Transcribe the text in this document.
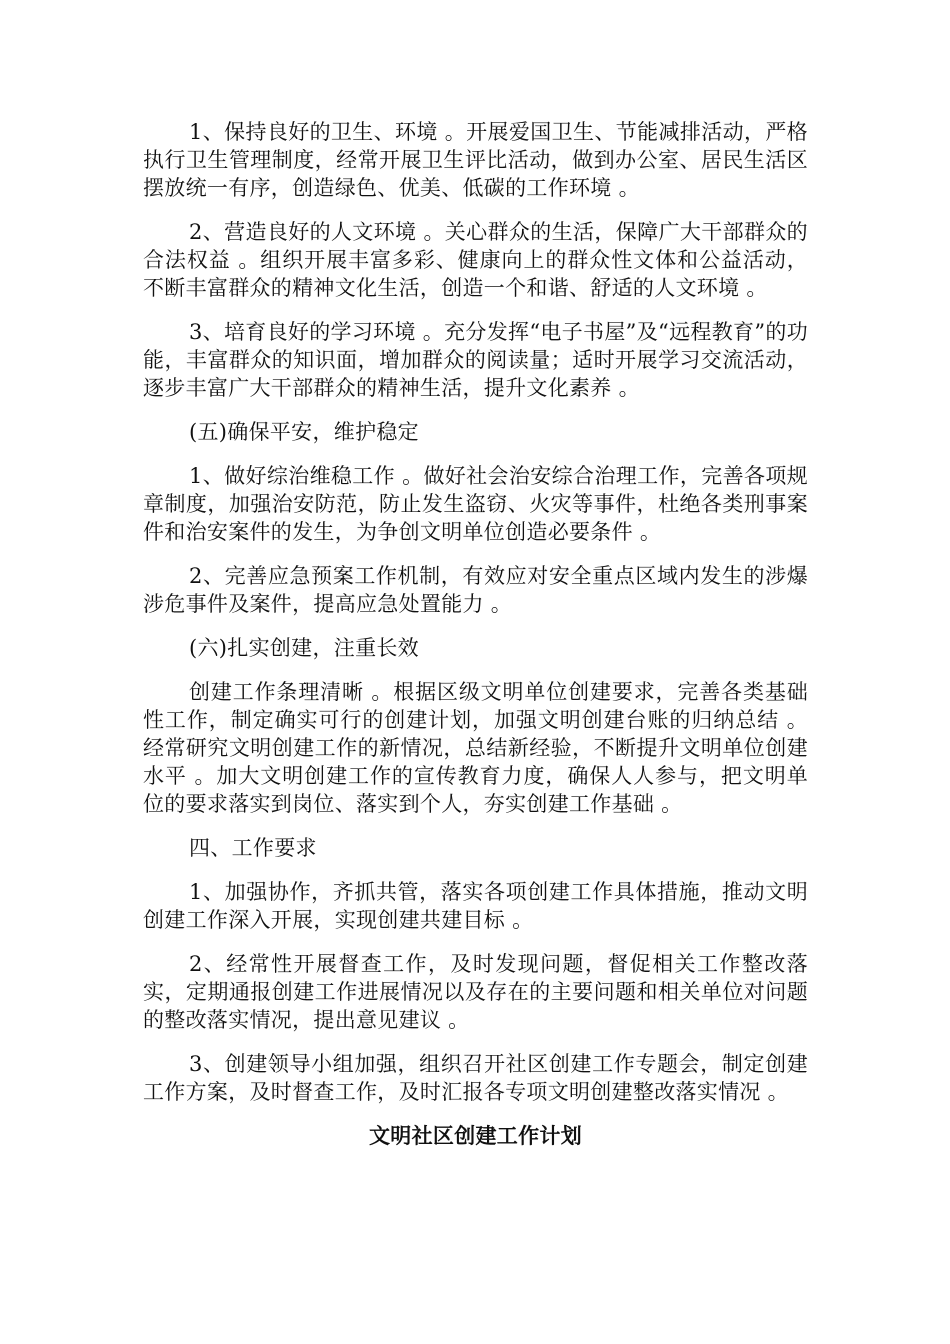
1、保持良好的卫生、环境 。开展爱国卫生、节能减排活动，严格执行卫生管理制度，经常开展卫生评比活动，做到办公室、居民生活区摆放统一有序，创造绿色、优美、低碳的工作环境 。

2、营造良好的人文环境 。关心群众的生活，保障广大干部群众的合法权益 。组织开展丰富多彩、健康向上的群众性文体和公益活动，不断丰富群众的精神文化生活，创造一个和谐、舒适的人文环境 。

3、培育良好的学习环境 。充分发挥“电子书屋”及“远程教育”的功能，丰富群众的知识面，增加群众的阅读量；适时开展学习交流活动，逐步丰富广大干部群众的精神生活，提升文化素养 。

(五)确保平安，维护稳定

1、做好综治维稳工作 。做好社会治安综合治理工作，完善各项规章制度，加强治安防范，防止发生盗窃、火灾等事件，杜绝各类刑事案件和治安案件的发生，为争创文明单位创造必要条件 。

2、完善应急预案工作机制，有效应对安全重点区域内发生的涉爆涉危事件及案件，提高应急处置能力 。

(六)扎实创建，注重长效

创建工作条理清晰 。根据区级文明单位创建要求，完善各类基础性工作，制定确实可行的创建计划，加强文明创建台账的归纳总结 。经常研究文明创建工作的新情况，总结新经验，不断提升文明单位创建水平 。加大文明创建工作的宣传教育力度，确保人人参与，把文明单位的要求落实到岗位、落实到个人，夯实创建工作基础 。

四、工作要求

1、加强协作，齐抓共管，落实各项创建工作具体措施，推动文明创建工作深入开展，实现创建共建目标 。

2、经常性开展督查工作，及时发现问题，督促相关工作整改落实，定期通报创建工作进展情况以及存在的主要问题和相关单位对问题的整改落实情况，提出意见建议 。

3、创建领导小组加强，组织召开社区创建工作专题会，制定创建工作方案，及时督查工作，及时汇报各专项文明创建整改落实情况 。

文明社区创建工作计划
